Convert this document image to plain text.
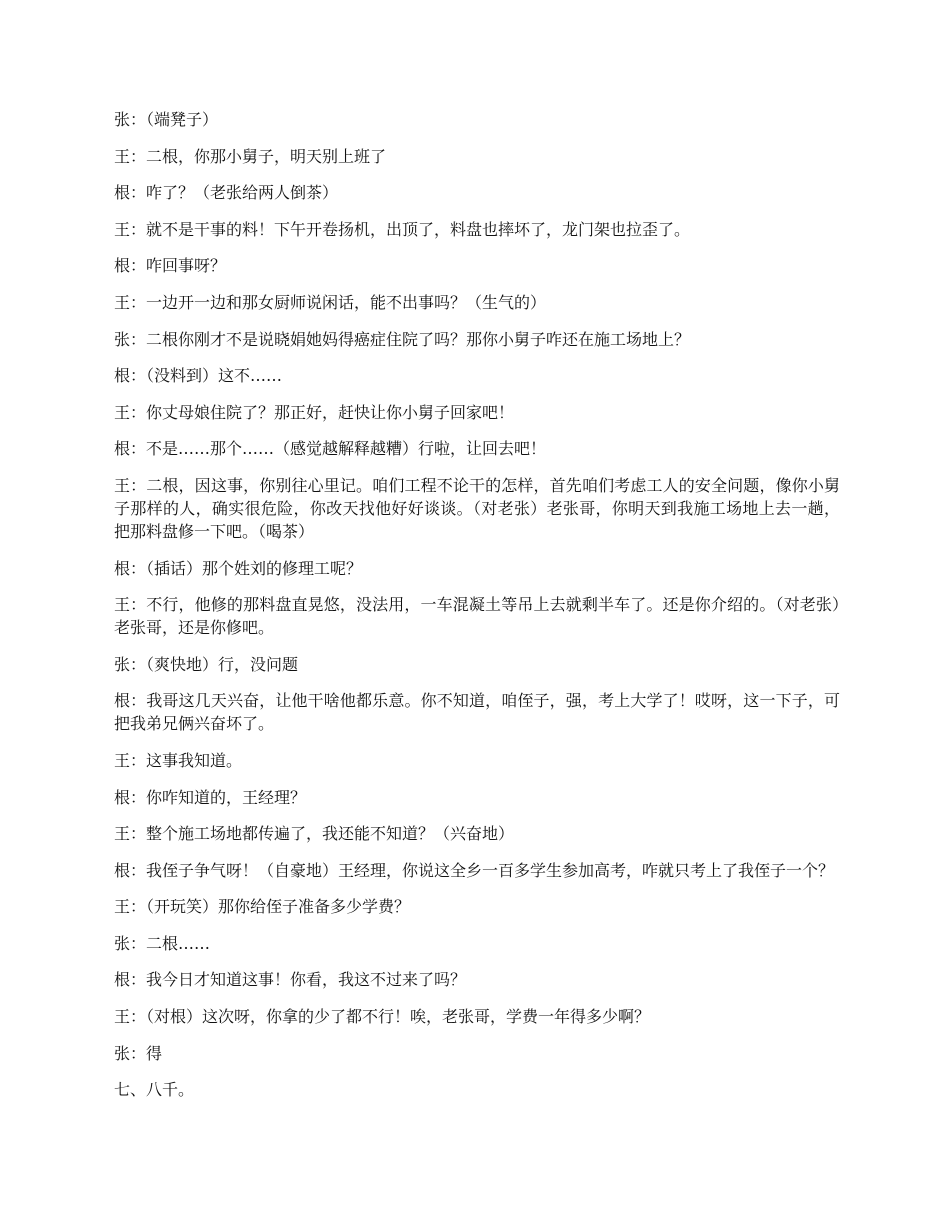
张：（端凳子）

王：二根，你那小舅子，明天别上班了

根：咋了？（老张给两人倒茶）

王：就不是干事的料！下午开卷扬机，出顶了，料盘也摔坏了，龙门架也拉歪了。

根：咋回事呀？

王：一边开一边和那女厨师说闲话，能不出事吗？（生气的）

张：二根你刚才不是说晓娟她妈得癌症住院了吗？那你小舅子咋还在施工场地上？

根：（没料到）这不……

王：你丈母娘住院了？那正好，赶快让你小舅子回家吧！

根：不是……那个……（感觉越解释越糟）行啦，让回去吧！

王：二根，因这事，你别往心里记。咱们工程不论干的怎样，首先咱们考虑工人的安全问题，像你小舅子那样的人，确实很危险，你改天找他好好谈谈。（对老张）老张哥，你明天到我施工场地上去一趟，把那料盘修一下吧。（喝茶）

根：（插话）那个姓刘的修理工呢？

王：不行，他修的那料盘直晃悠，没法用，一车混凝土等吊上去就剩半车了。还是你介绍的。（对老张）老张哥，还是你修吧。

张：（爽快地）行，没问题

根：我哥这几天兴奋，让他干啥他都乐意。你不知道，咱侄子，强，考上大学了！哎呀，这一下子，可把我弟兄俩兴奋坏了。

王：这事我知道。

根：你咋知道的，王经理？

王：整个施工场地都传遍了，我还能不知道？（兴奋地）

根：我侄子争气呀！（自豪地）王经理，你说这全乡一百多学生参加高考，咋就只考上了我侄子一个？

王：（开玩笑）那你给侄子准备多少学费？

张：二根……

根：我今日才知道这事！你看，我这不过来了吗？

王：（对根）这次呀，你拿的少了都不行！唉，老张哥，学费一年得多少啊？

张：得

七、八千。
